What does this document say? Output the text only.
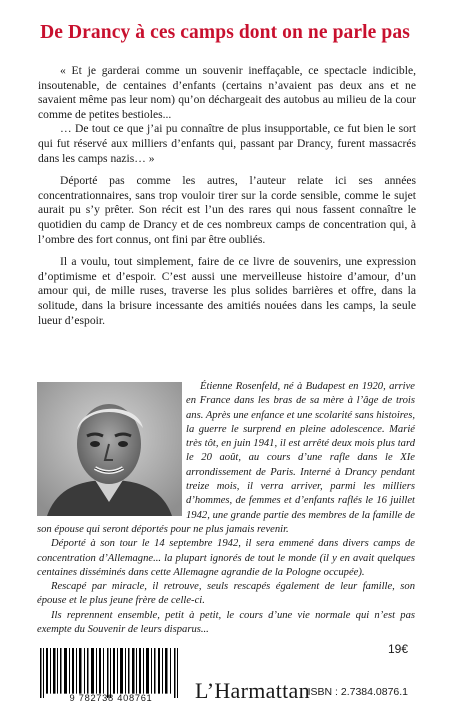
De Drancy à ces camps dont on ne parle pas

« Et je garderai comme un souvenir ineffaçable, ce spectacle indicible, insoutenable, de centaines d’enfants (certains n’avaient pas deux ans et ne savaient même pas leur nom) qu’on déchargeait des autobus au milieu de la cour comme de petites bestioles...

… De tout ce que j’ai pu connaître de plus insupportable, ce fut bien le sort qui fut réservé aux milliers d’enfants qui, passant par Drancy, furent massacrés dans les camps nazis… »

Déporté pas comme les autres, l’auteur relate ici ses années concentrationnaires, sans trop vouloir tirer sur la corde sensible, comme le sujet aurait pu s’y prêter. Son récit est l’un des rares qui nous fassent connaître le quotidien du camp de Drancy et de ces nombreux camps de concentration qui, à l’ombre des fort connus, ont fini par être oubliés.

Il a voulu, tout simplement, faire de ce livre de souvenirs, une expression d’optimisme et d’espoir. C’est aussi une merveilleuse histoire d’amour, d’un amour qui, de mille ruses, traverse les plus solides barrières et offre, dans la solitude, dans la brisure incessante des amitiés nouées dans les camps, la seule lueur d’espoir.

Étienne Rosenfeld, né à Budapest en 1920, arrive en France dans les bras de sa mère à l’âge de trois ans. Après une enfance et une scolarité sans histoires, la guerre le surprend en pleine adolescence. Marié très tôt, en juin 1941, il est arrêté deux mois plus tard le 20 août, au cours d’une rafle dans le XIe arrondissement de Paris. Interné à Drancy pendant treize mois, il verra arriver, parmi les milliers d’hommes, de femmes et d’enfants raflés le 16 juillet 1942, une grande partie des membres de la famille de son épouse qui seront déportés pour ne plus jamais revenir.

Déporté à son tour le 14 septembre 1942, il sera emmené dans divers camps de concentration d’Allemagne... la plupart ignorés de tout le monde (il y en avait quelques centaines disséminés dans cette Allemagne agrandie de la Pologne occupée).

Rescapé par miracle, il retrouve, seuls rescapés également de leur famille, son épouse et le plus jeune frère de celle-ci.

Ils reprennent ensemble, petit à petit, le cours d’une vie normale qui n’est pas exempte du Souvenir de leurs disparus...

19€
9 782738 408761	L’Harmattan
ISBN : 2.7384.0876.1
